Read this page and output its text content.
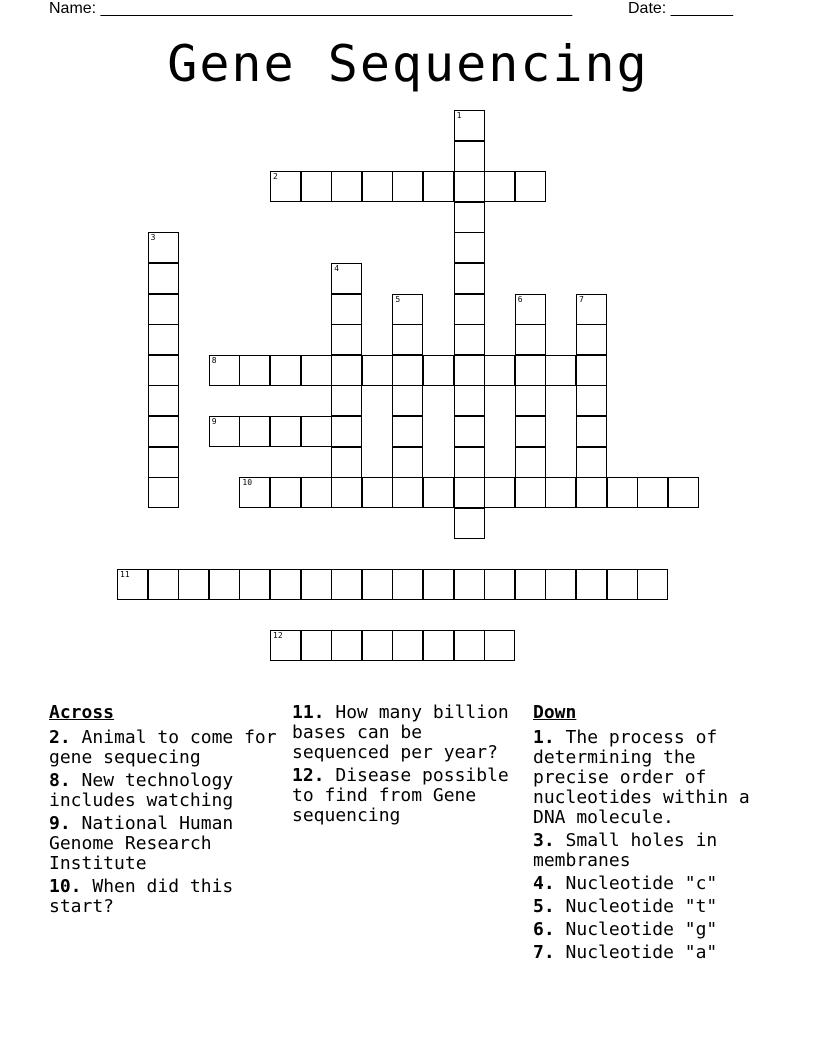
Name: _____________________________________________________	Date: _______
Gene Sequencing
1
2
3
4
5	6	7
8
9
10
11
12
Across
2. Animal to come for gene sequecing
8. New technology includes watching
9. National Human Genome Research Institute
10. When did this start?
11. How many billion bases can be sequenced per year?
12. Disease possible to find from Gene sequencing
Down
1. The process of determining the precise order of nucleotides within a DNA molecule.
3. Small holes in membranes
4. Nucleotide "c"
5. Nucleotide "t"
6. Nucleotide "g"
7. Nucleotide "a"
